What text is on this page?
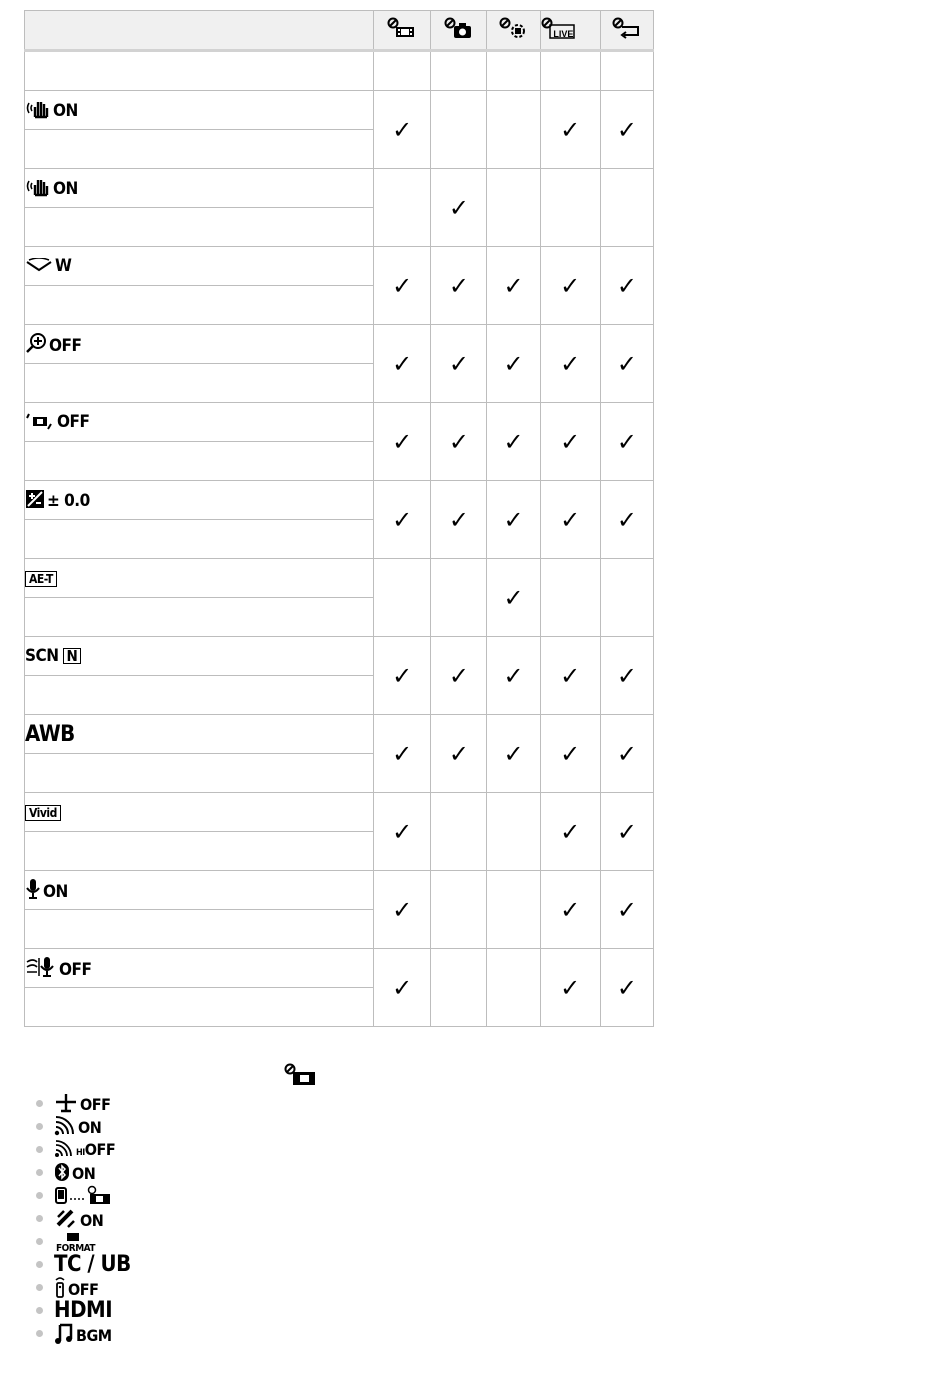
				LIVE	

ON	✓			✓	✓

ON		✓			

W	✓	✓	✓	✓	✓

OFF	✓	✓	✓	✓	✓

OFF	✓	✓	✓	✓	✓

± 0.0	✓	✓	✓	✓	✓

AE-T			✓		

SCN N	✓	✓	✓	✓	✓

AWB	✓	✓	✓	✓	✓

Vivid	✓			✓	✓

ON	✓			✓	✓

OFF	✓			✓	✓

OFF
ON
HIOFF
ON
ON
$_{FORMAT}$
TC / UB
OFF
HDMI
BGM
